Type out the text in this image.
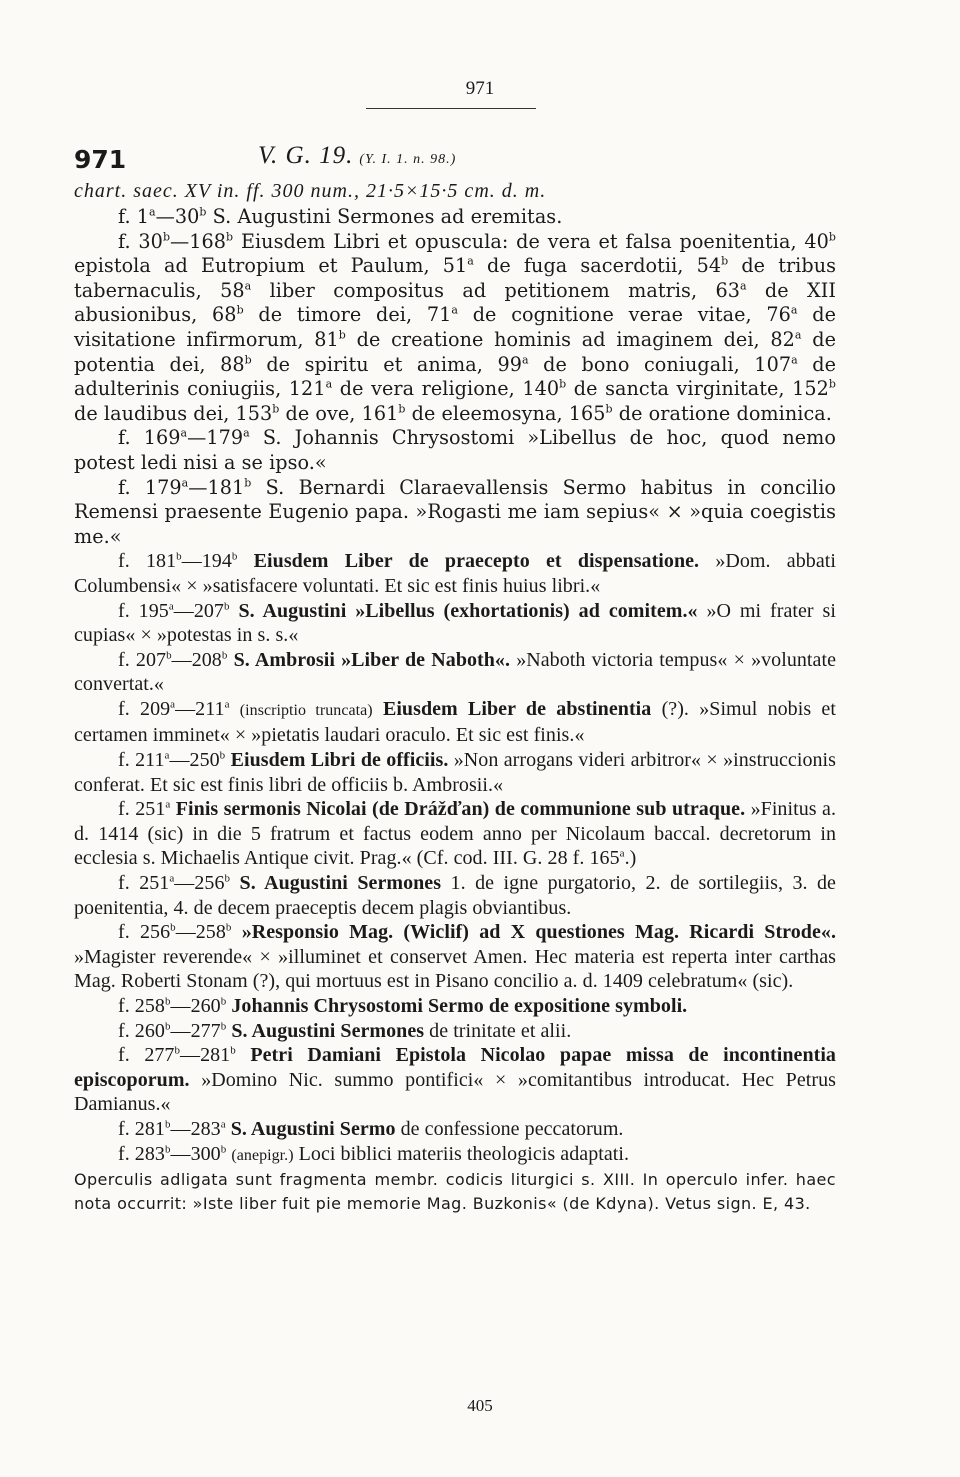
971
971	V. G. 19. (Y. I. 1. n. 98.)
chart. saec. XV in. ff. 300 num., 21·5×15·5 cm. d. m.

f. 1$^a$—30$^b$ S. Augustini Sermones ad eremitas.

f. 30$^b$—168$^b$ Eiusdem Libri et opuscula: de vera et falsa poenitentia, 40$^b$ epistola ad Eutropium et Paulum, 51$^a$ de fuga sacerdotii, 54$^b$ de tribus tabernaculis, 58$^a$ liber compositus ad petitionem matris, 63$^a$ de XII abusionibus, 68$^b$ de timore dei, 71$^a$ de cognitione verae vitae, 76$^a$ de visitatione infirmorum, 81$^b$ de creatione hominis ad imaginem dei, 82$^a$ de potentia dei, 88$^b$ de spiritu et anima, 99$^a$ de bono coniugali, 107$^a$ de adulterinis coniugiis, 121$^a$ de vera religione, 140$^b$ de sancta virginitate, 152$^b$ de laudibus dei, 153$^b$ de ove, 161$^b$ de eleemosyna, 165$^b$ de oratione dominica.

f. 169$^a$—179$^a$ S. Johannis Chrysostomi »Libellus de hoc, quod nemo potest ledi nisi a se ipso.«

f. 179$^a$—181$^b$ S. Bernardi Claraevallensis Sermo habitus in concilio Remensi praesente Eugenio papa. »Rogasti me iam sepius« × »quia coegistis me.«

f. 181$^b$—194$^b$ Eiusdem Liber de praecepto et dispensatione. »Dom. abbati Columbensi« × »satisfacere voluntati. Et sic est finis huius libri.«

f. 195$^a$—207$^b$ S. Augustini »Libellus (exhortationis) ad comitem.« »O mi frater si cupias« × »potestas in s. s.«

f. 207$^b$—208$^b$ S. Ambrosii »Liber de Naboth«. »Naboth victoria tempus« × »voluntate convertat.«

f. 209$^a$—211$^a$ (inscriptio truncata) Eiusdem Liber de abstinentia (?). »Simul nobis et certamen imminet« × »pietatis laudari oraculo. Et sic est finis.«

f. 211$^a$—250$^b$ Eiusdem Libri de officiis. »Non arrogans videri arbitror« × »instruccionis conferat. Et sic est finis libri de officiis b. Ambrosii.«

f. 251$^a$ Finis sermonis Nicolai (de Drážďan) de communione sub utraque. »Finitus a. d. 1414 (sic) in die 5 fratrum et factus eodem anno per Nicolaum baccal. decretorum in ecclesia s. Michaelis Antique civit. Prag.« (Cf. cod. III. G. 28 f. 165$^a$.)

f. 251$^a$—256$^b$ S. Augustini Sermones 1. de igne purgatorio, 2. de sortilegiis, 3. de poenitentia, 4. de decem praeceptis decem plagis obviantibus.

f. 256$^b$—258$^b$ »Responsio Mag. (Wiclif) ad X questiones Mag. Ricardi Strode«. »Magister reverende« × »illuminet et conservet Amen. Hec materia est reperta inter carthas Mag. Roberti Stonam (?), qui mortuus est in Pisano concilio a. d. 1409 celebratum« (sic).

f. 258$^b$—260$^b$ Johannis Chrysostomi Sermo de expositione symboli.

f. 260$^b$—277$^b$ S. Augustini Sermones de trinitate et alii.

f. 277$^b$—281$^b$ Petri Damiani Epistola Nicolao papae missa de incontinentia episcoporum. »Domino Nic. summo pontifici« × »comitantibus introducat. Hec Petrus Damianus.«

f. 281$^b$—283$^a$ S. Augustini Sermo de confessione peccatorum.

f. 283$^b$—300$^b$ (anepigr.) Loci biblici materiis theologicis adaptati.

Operculis adligata sunt fragmenta membr. codicis liturgici s. XIII. In operculo infer. haec nota occurrit: »Iste liber fuit pie memorie Mag. Buzkonis« (de Kdyna). Vetus sign. E, 43.

405
